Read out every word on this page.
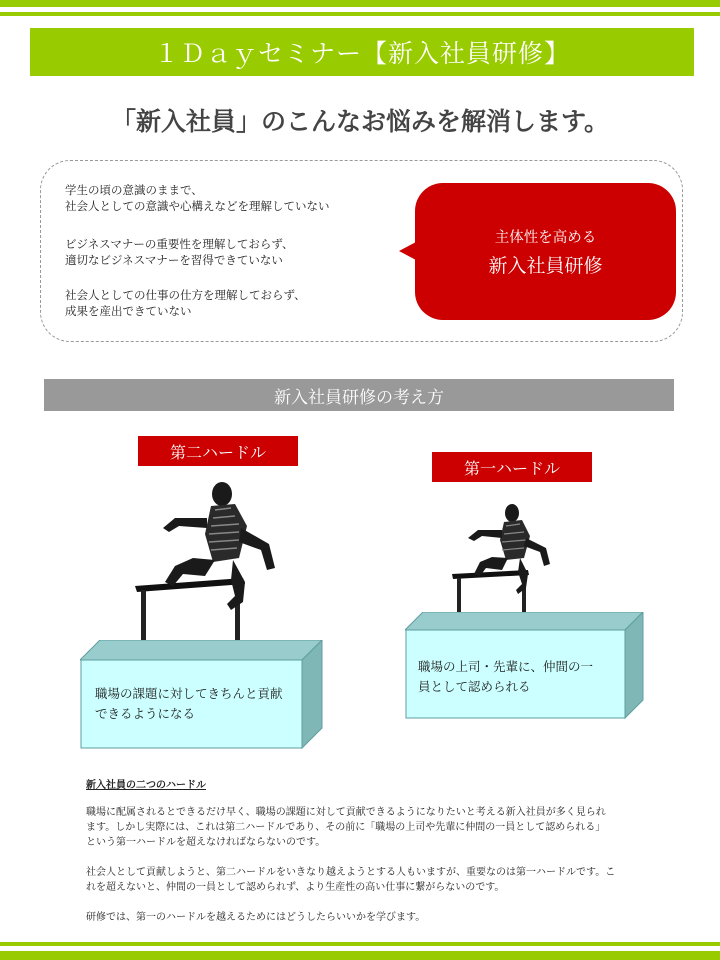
１Ｄａｙセミナー【新入社員研修】
「新入社員」のこんなお悩みを解消します。
学生の頃の意識のままで、
社会人としての意識や心構えなどを理解していない
ビジネスマナーの重要性を理解しておらず、
適切なビジネスマナーを習得できていない
社会人としての仕事の仕方を理解しておらず、
成果を産出できていない
主体性を高める
新入社員研修
新入社員研修の考え方
第二ハードル
第一ハードル
職場の課題に対してきちんと貢献
できるようになる
職場の上司・先輩に、仲間の一
員として認められる
新入社員の二つのハードル
職場に配属されるとできるだけ早く、職場の課題に対して貢献できるようになりたいと考える新入社員が多く見られ
ます。しかし実際には、これは第二ハードルであり、その前に「職場の上司や先輩に仲間の一員として認められる」
という第一ハードルを超えなければならないのです。
社会人として貢献しようと、第二ハードルをいきなり越えようとする人もいますが、重要なのは第一ハードルです。こ
れを超えないと、仲間の一員として認められず、より生産性の高い仕事に繋がらないのです。
研修では、第一のハードルを越えるためにはどうしたらいいかを学びます。
